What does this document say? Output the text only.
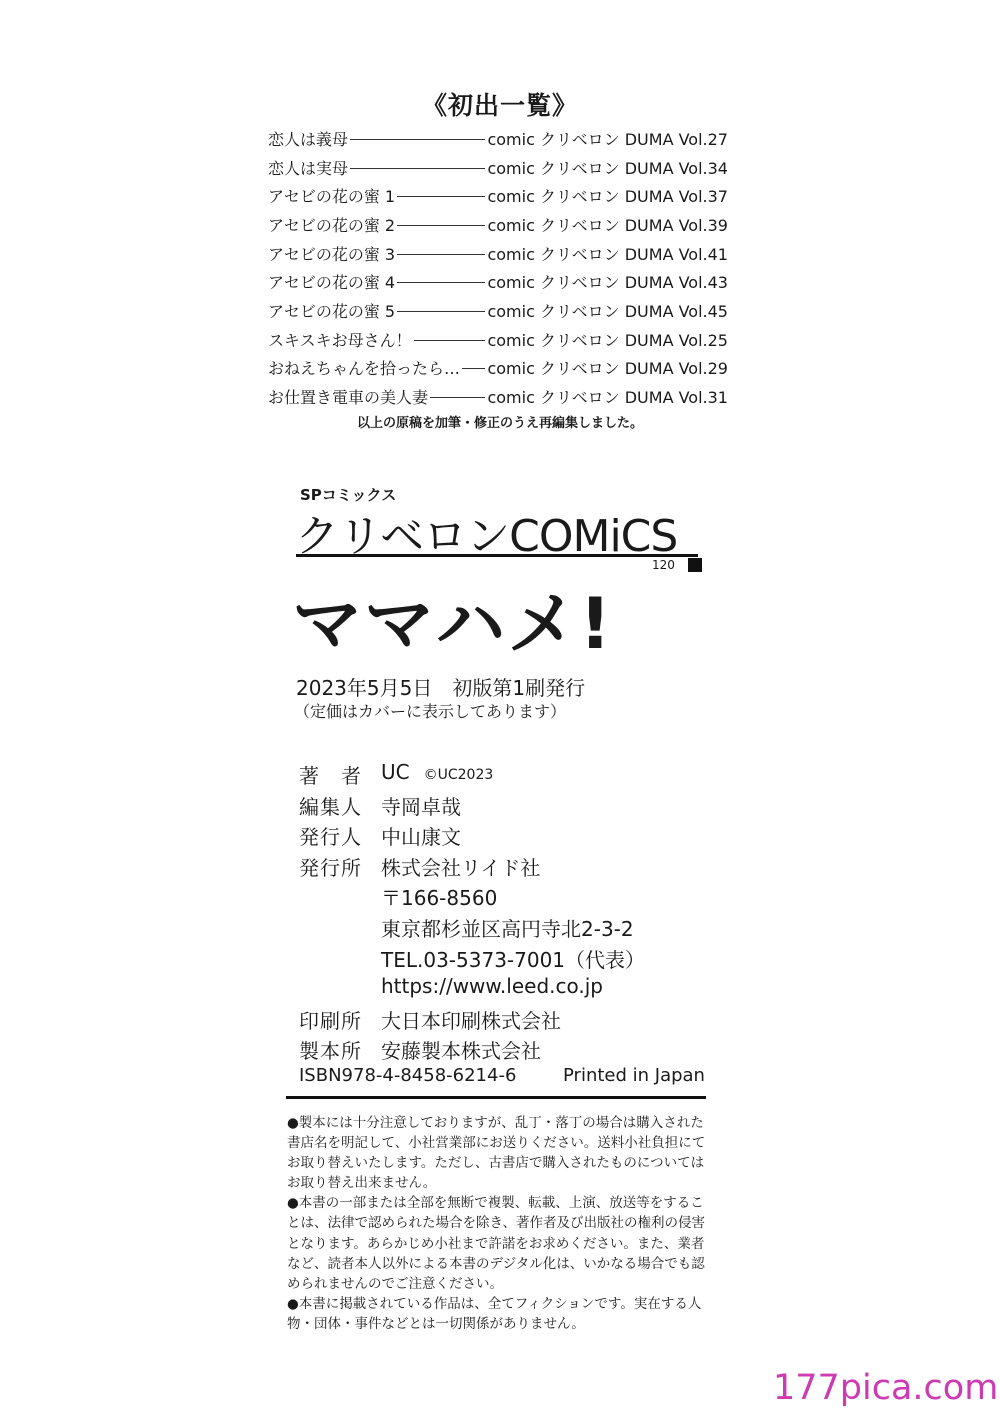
《初出一覧》
恋人は義母	comic クリベロン DUMA Vol.27
恋人は実母	comic クリベロン DUMA Vol.34
アセビの花の蜜 1	comic クリベロン DUMA Vol.37
アセビの花の蜜 2	comic クリベロン DUMA Vol.39
アセビの花の蜜 3	comic クリベロン DUMA Vol.41
アセビの花の蜜 4	comic クリベロン DUMA Vol.43
アセビの花の蜜 5	comic クリベロン DUMA Vol.45
スキスキお母さん！	comic クリベロン DUMA Vol.25
おねえちゃんを拾ったら… comic クリベロン DUMA Vol.29
お仕置き電車の美人妻	comic クリベロン DUMA Vol.31
以上の原稿を加筆・修正のうえ再編集しました。
SPコミックス
クリベロンCOMiCS
120
ママハメ!
2023年5月5日　初版第1刷発行
（定価はカバーに表示してあります）
著者 UC ©UC2023
編集人 寺岡卓哉
発行人 中山康文
発行所 株式会社リイド社
〒166-8560
東京都杉並区高円寺北2-3-2
TEL.03-5373-7001（代表）
https://www.leed.co.jp
印刷所 大日本印刷株式会社
製本所 安藤製本株式会社
ISBN978-4-8458-6214-6	Printed in Japan

●製本には十分注意しておりますが、乱丁・落丁の場合は購入された書店名を明記して、小社営業部にお送りください。送料小社負担にてお取り替えいたします。ただし、古書店で購入されたものについてはお取り替え出来ません。

●本書の一部または全部を無断で複製、転載、上演、放送等をすることは、法律で認められた場合を除き、著作者及び出版社の権利の侵害となります。あらかじめ小社まで許諾をお求めください。また、業者など、読者本人以外による本書のデジタル化は、いかなる場合でも認められませんのでご注意ください。

●本書に掲載されている作品は、全てフィクションです。実在する人物・団体・事件などとは一切関係がありません。

177pica.com
